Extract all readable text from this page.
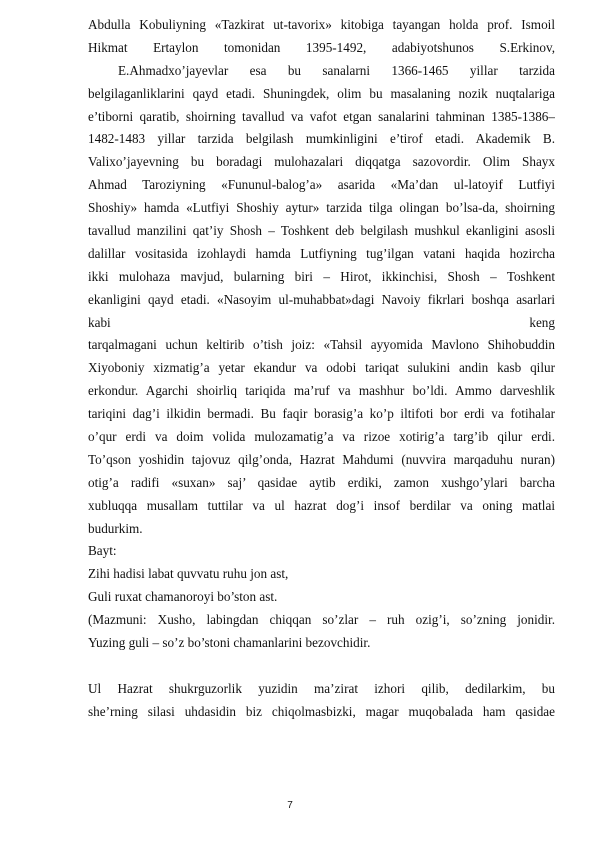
Abdulla Kobuliyning «Tazkirat ut-tavorix» kitobiga tayangan holda prof. Ismoil
Hikmat Ertaylon tomonidan 1395-1492, adabiyotshunos S.Erkinov,
E.Ahmadxo’jayevlar esa bu sanalarni 1366-1465 yillar tarzida
belgilaganliklarini qayd etadi. Shuningdek, olim bu masalaning nozik nuqtalariga
e’tiborni qaratib, shoirning tavallud va vafot etgan sanalarini tahminan 1385-1386–
1482-1483 yillar tarzida belgilash mumkinligini e’tirof etadi. Akademik B.
Valixo’jayevning bu boradagi mulohazalari diqqatga sazovordir. Olim Shayx
Ahmad Taroziyning «Fununul-balog’a» asarida «Ma’dan ul-latoyif Lutfiyi
Shoshiy» hamda «Lutfiyi Shoshiy aytur» tarzida tilga olingan bo’lsa-da, shoirning
tavallud manzilini qat’iy Shosh – Toshkent deb belgilash mushkul ekanligini asosli
dalillar vositasida izohlaydi hamda Lutfiyning tug’ilgan vatani haqida hozircha
ikki mulohaza mavjud, bularning biri – Hirot, ikkinchisi, Shosh – Toshkent
ekanligini qayd etadi. «Nasoyim ul-muhabbat»dagi Navoiy fikrlari boshqa asarlari
kabi keng
tarqalmagani uchun keltirib o’tish joiz: «Tahsil ayyomida Mavlono Shihobuddin
Xiyoboniy xizmatig’a yetar ekandur va odobi tariqat sulukini andin kasb qilur
erkondur. Agarchi shoirliq tariqida ma’ruf va mashhur bo’ldi. Ammo darveshlik
tariqini dag’i ilkidin bermadi. Bu faqir borasig’a ko’p iltifoti bor erdi va fotihalar
o’qur erdi va doim volida mulozamatig’a va rizoe xotirig’a targ’ib qilur erdi.
To’qson yoshidin tajovuz qilg’onda, Hazrat Mahdumi (nuvvira marqaduhu nuran)
otig’a radifi «suxan» saj’ qasidae aytib erdiki, zamon xushgo’ylari barcha
xubluqqa musallam tuttilar va ul hazrat dog’i insof berdilar va oning matlai
budurkim.
Bayt:
Zihi hadisi labat quvvatu ruhu jon ast,
Guli ruxat chamanoroyi bo’ston ast.
(Mazmuni: Xusho, labingdan chiqqan so’zlar – ruh ozig’i, so’zning jonidir.
Yuzing guli – so’z bo’stoni chamanlarini bezovchidir.
Ul Hazrat shukrguzorlik yuzidin ma’zirat izhori qilib, dedilarkim, bu
she’rning silasi uhdasidin biz chiqolmasbizki, magar muqobalada ham qasidae
7
